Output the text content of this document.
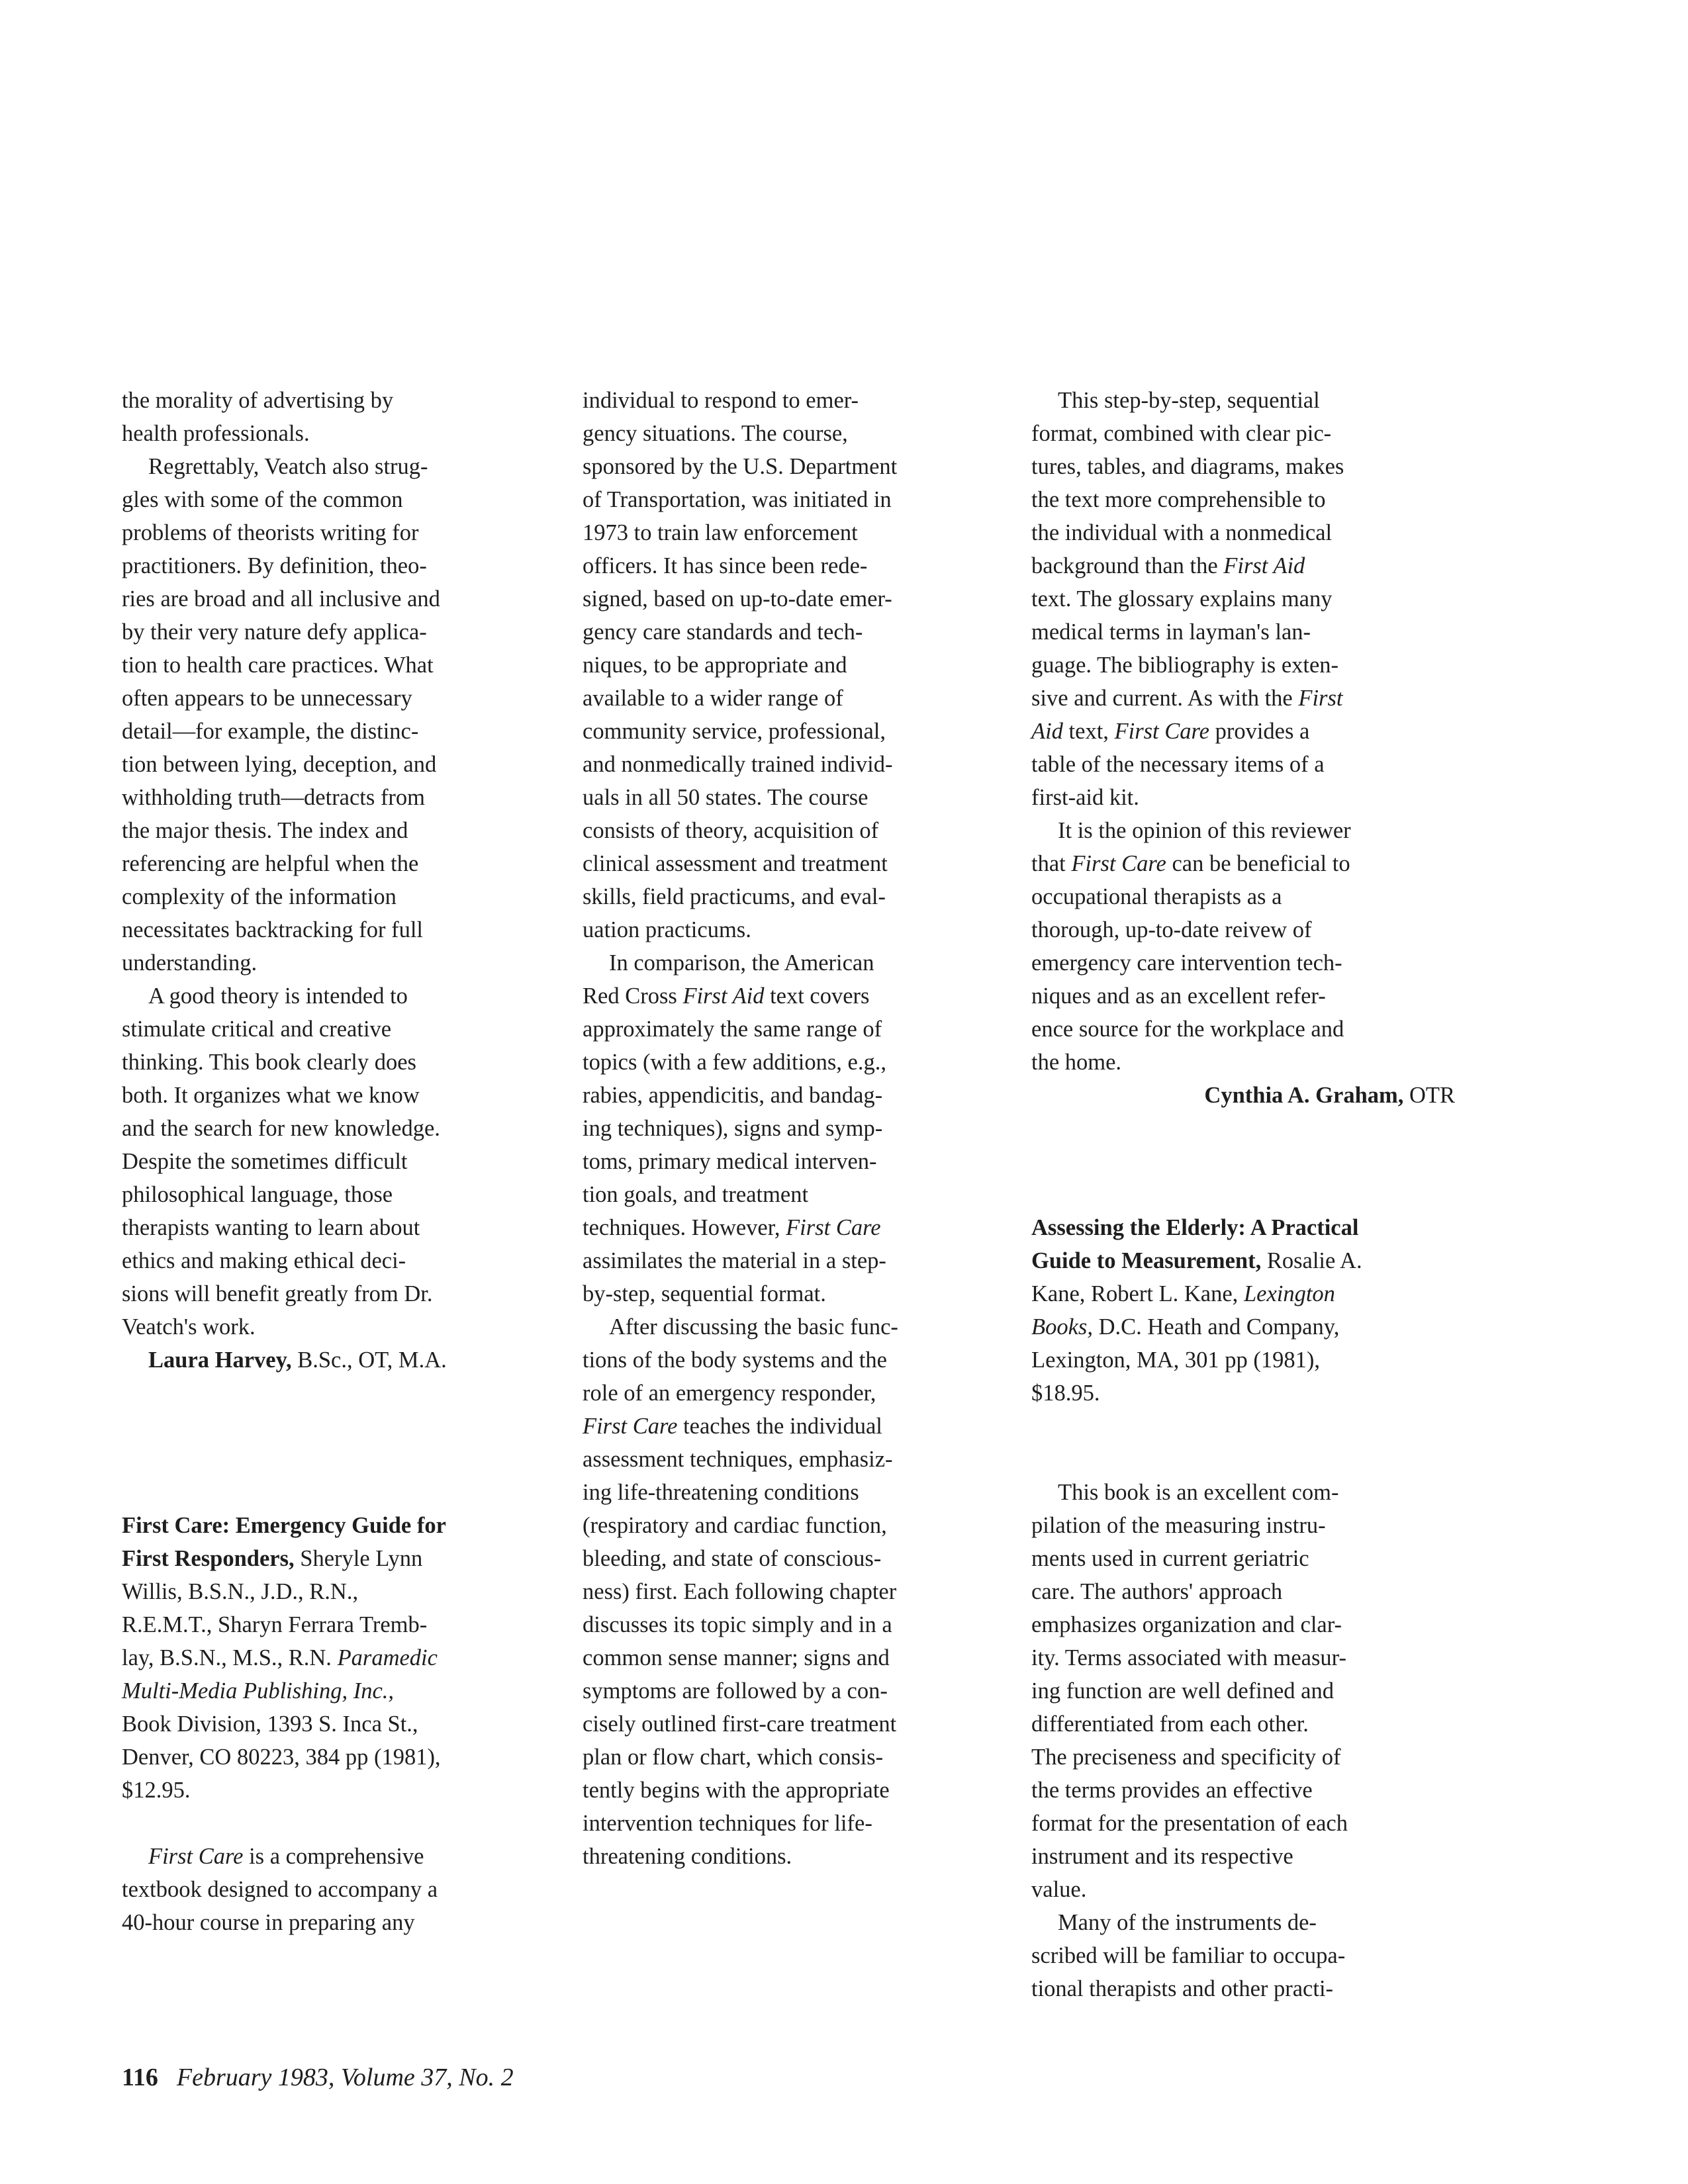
the morality of advertising by
health professionals.

Regrettably, Veatch also strug-
gles with some of the common
problems of theorists writing for
practitioners. By definition, theo-
ries are broad and all inclusive and
by their very nature defy applica-
tion to health care practices. What
often appears to be unnecessary
detail—for example, the distinc-
tion between lying, deception, and
withholding truth—detracts from
the major thesis. The index and
referencing are helpful when the
complexity of the information
necessitates backtracking for full
understanding.

A good theory is intended to
stimulate critical and creative
thinking. This book clearly does
both. It organizes what we know
and the search for new knowledge.
Despite the sometimes difficult
philosophical language, those
therapists wanting to learn about
ethics and making ethical deci-
sions will benefit greatly from Dr.
Veatch's work.

Laura Harvey, B.Sc., OT, M.A.

First Care: Emergency Guide for
First Responders, Sheryle Lynn
Willis, B.S.N., J.D., R.N.,
R.E.M.T., Sharyn Ferrara Tremb-
lay, B.S.N., M.S., R.N. Paramedic
Multi-Media Publishing, Inc.,
Book Division, 1393 S. Inca St.,
Denver, CO 80223, 384 pp (1981),
$12.95.

First Care is a comprehensive
textbook designed to accompany a
40-hour course in preparing any

individual to respond to emer-
gency situations. The course,
sponsored by the U.S. Department
of Transportation, was initiated in
1973 to train law enforcement
officers. It has since been rede-
signed, based on up-to-date emer-
gency care standards and tech-
niques, to be appropriate and
available to a wider range of
community service, professional,
and nonmedically trained individ-
uals in all 50 states. The course
consists of theory, acquisition of
clinical assessment and treatment
skills, field practicums, and eval-
uation practicums.

In comparison, the American
Red Cross First Aid text covers
approximately the same range of
topics (with a few additions, e.g.,
rabies, appendicitis, and bandag-
ing techniques), signs and symp-
toms, primary medical interven-
tion goals, and treatment
techniques. However, First Care
assimilates the material in a step-
by-step, sequential format.

After discussing the basic func-
tions of the body systems and the
role of an emergency responder,
First Care teaches the individual
assessment techniques, emphasiz-
ing life-threatening conditions
(respiratory and cardiac function,
bleeding, and state of conscious-
ness) first. Each following chapter
discusses its topic simply and in a
common sense manner; signs and
symptoms are followed by a con-
cisely outlined first-care treatment
plan or flow chart, which consis-
tently begins with the appropriate
intervention techniques for life-
threatening conditions.

This step-by-step, sequential
format, combined with clear pic-
tures, tables, and diagrams, makes
the text more comprehensible to
the individual with a nonmedical
background than the First Aid
text. The glossary explains many
medical terms in layman's lan-
guage. The bibliography is exten-
sive and current. As with the First
Aid text, First Care provides a
table of the necessary items of a
first-aid kit.

It is the opinion of this reviewer
that First Care can be beneficial to
occupational therapists as a
thorough, up-to-date reivew of
emergency care intervention tech-
niques and as an excellent refer-
ence source for the workplace and
the home.

Cynthia A. Graham, OTR

Assessing the Elderly: A Practical
Guide to Measurement, Rosalie A.
Kane, Robert L. Kane, Lexington
Books, D.C. Heath and Company,
Lexington, MA, 301 pp (1981),
$18.95.

This book is an excellent com-
pilation of the measuring instru-
ments used in current geriatric
care. The authors' approach
emphasizes organization and clar-
ity. Terms associated with measur-
ing function are well defined and
differentiated from each other.
The preciseness and specificity of
the terms provides an effective
format for the presentation of each
instrument and its respective
value.

Many of the instruments de-
scribed will be familiar to occupa-
tional therapists and other practi-

116 February 1983, Volume 37, No. 2
